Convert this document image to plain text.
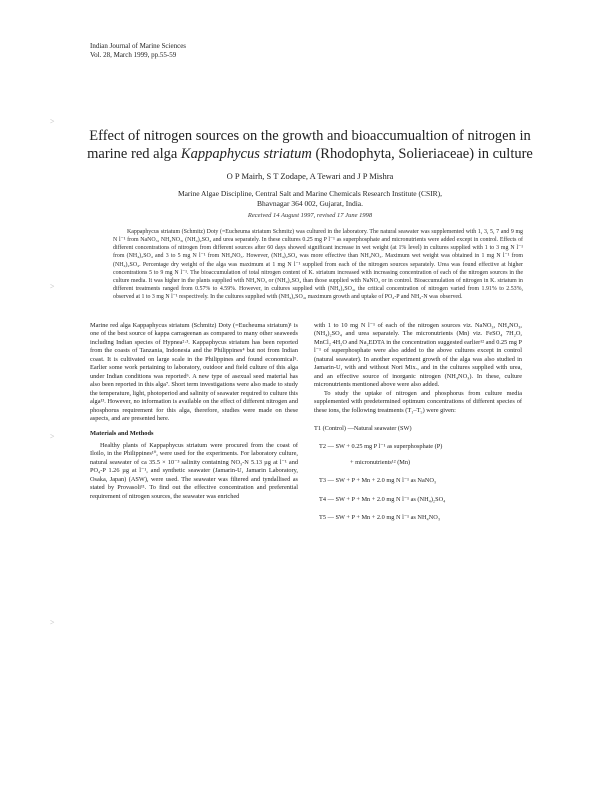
Indian Journal of Marine Sciences
Vol. 28, March 1999, pp.55-59
>
>
>
>
Effect of nitrogen sources on the growth and bioaccumualtion of nitrogen in
marine red alga Kappaphycus striatum (Rhodophyta, Solieriaceae) in culture
O P Mairh, S T Zodape, A Tewari and J P Mishra
Marine Algae Discipline, Central Salt and Marine Chemicals Research Institute (CSIR),
Bhavnagar 364 002, Gujarat, India.
Received 14 August 1997, revised 17 June 1998

Kappaphycus striatum (Schmitz) Doty (=Eucheuma striatum Schmitz) was cultured in the laboratory. The natural seawater was supplemented with 1, 3, 5, 7 and 9 mg N l⁻¹ from NaNO₃, NH₄NO₃, (NH₄)₂SO₄ and urea separately. In these cultures 0.25 mg P l⁻¹ as superphosphate and micronutrients were added except in control. Effects of different concentrations of nitrogen from different sources after 60 days showed significant increase in wet weight (at 1% level) in cultures supplied with 1 to 3 mg N l⁻¹ from (NH₄)₂SO₄ and 3 to 5 mg N l⁻¹ from NH₄NO₃. However, (NH₄)₂SO₄ was more effective than NH₄NO₃. Maximum wet weight was obtained in 1 mg N l⁻¹ from (NH₄)₂SO₄. Percentage dry weight of the alga was maximum at 1 mg N l⁻¹ supplied from each of the nitrogen sources separately. Urea was found effective at higher concentrations 5 to 9 mg N l⁻¹. The bioaccumulation of total nitrogen content of K. striatum increased with increasing concentration of each of the nitrogen sources in the culture media. It was higher in the plants supplied with NH₄NO₃ or (NH₄)₂SO₄ than those supplied with NaNO₃ or in control. Bioaccumulation of nitrogen in K. striatum in different treatments ranged from 0.57% to 4.59%. However, in cultures supplied with (NH₄)₂SO₄, the critical concentration of nitrogen varied from 1.91% to 2.53%, observed at 1 to 3 mg N l⁻¹ respectively. In the cultures supplied with (NH₄)₂SO₄, maximum growth and uptake of PO₄-P and NH₄-N was observed.

Marine red alga Kappaphycus striatum (Schmitz) Doty (=Eucheuma striatum)¹ is one of the best source of kappa carrageenan as compared to many other seaweeds including Indian species of Hypnea²·³. Kappaphycus striatum has been reported from the coasts of Tanzania, Indonesia and the Philippines⁴ but not from Indian coast. It is cultivated on large scale in the Philippines and found economical⁵. Earlier some work pertaining to laboratory, outdoor and field culture of this alga under Indian conditions was reported⁶. A new type of asexual seed material has also been reported in this alga⁷. Short term investigations were also made to study the temperature, light, photoperiod and salinity of seawater required to culture this alga¹³. However, no information is available on the effect of different nitrogen and phosphorus requirement for this alga, therefore, studies were made on these aspects, and are presented here.

Materials and Methods

Healthy plants of Kappaphycus striatum were procured from the coast of Iloilo, in the Philippines¹⁰, were used for the experiments. For laboratory culture, natural seawater of ca 35.5 × 10⁻³ salinity containing NO₃-N 5.13 µg at l⁻¹ and PO₄-P 1.26 µg at l⁻¹, and synthetic seawater (Jamarin-U, Jamarin Laboratory, Osaka, Japan) (ASW), were used. The seawater was filtered and tyndallised as stated by Provasoli¹¹. To find out the effective concentration and preferential requirement of nitrogen sources, the seawater was enriched

with 1 to 10 mg N l⁻¹ of each of the nitrogen sources viz. NaNO₃, NH₄NO₃, (NH₄)₂SO₄ and urea separately. The micronutrients (Mn) viz. FeSO₄ 7H₂O, MnCl₂ 4H₂O and Na₂EDTA in the concentration suggested earlier¹² and 0.25 mg P l⁻¹ of superphosphate were also added to the above cultures except in control (natural seawater). In another experiment growth of the alga was also studied in Jamarin-U, with and without Nori Mix., and in the cultures supplied with urea, and an effective source of inorganic nitrogen (NH₄NO₃). In these, culture micronutrients mentioned above were also added.

To study the uptake of nitrogen and phosphorus from culture media supplemented with predetermined optimum concentrations of different species of these ions, the following treatments (T₁–T₅) were given:

T1 (Control) —Natural seawater (SW)
T2 — SW + 0.25 mg P l⁻¹ as superphosphate (P)
+ micronutrients¹² (Mn)
T3 — SW + P + Mn + 2.0 mg N l⁻¹ as NaNO₃
T4 — SW + P + Mn + 2.0 mg N l⁻¹ as (NH₄)₂SO₄
T5 — SW + P + Mn + 2.0 mg N l⁻¹ as NH₄NO₃
